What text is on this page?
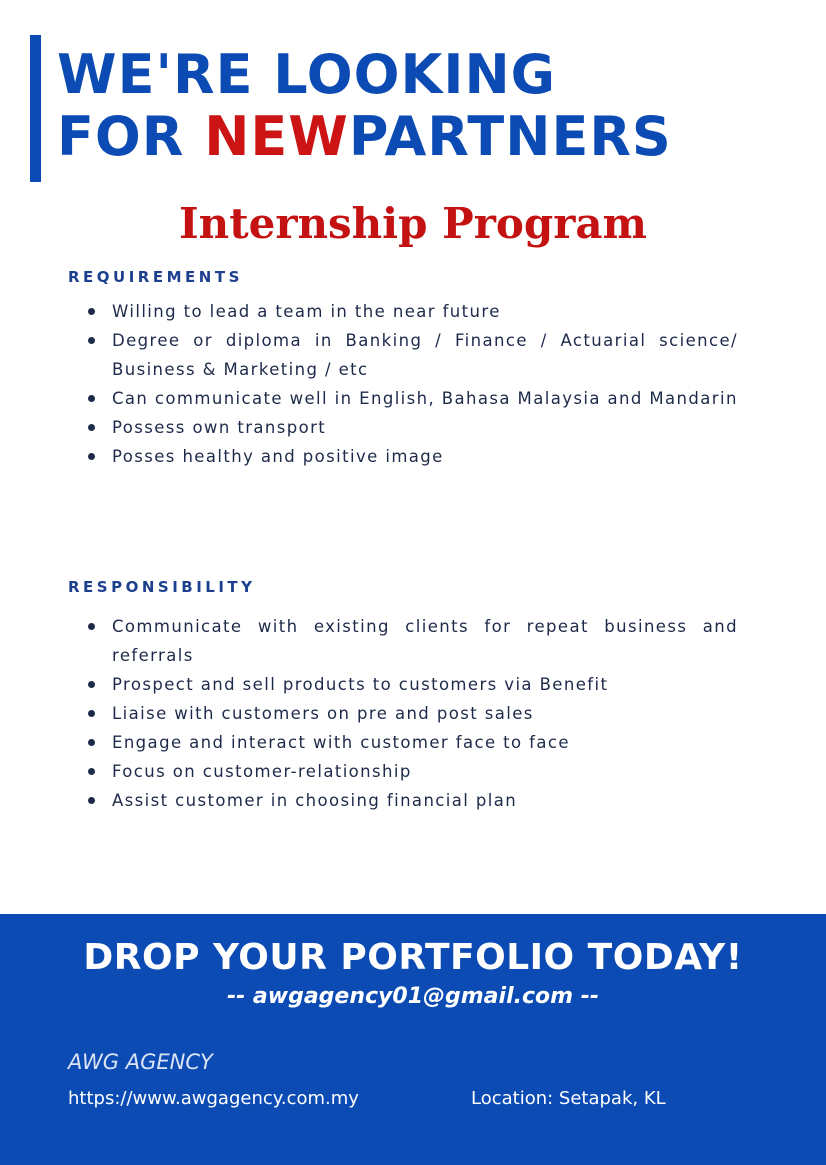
WE'RE LOOKING
FOR NEWPARTNERS
Internship Program
REQUIREMENTS
Willing to lead a team in the near future
Degree or diploma in Banking / Finance / Actuarial science/ Business & Marketing / etc
Can communicate well in English, Bahasa Malaysia and Mandarin
Possess own transport
Posses healthy and positive image
RESPONSIBILITY
Communicate with existing clients for repeat business and referrals
Prospect and sell products to customers via Benefit
Liaise with customers on pre and post sales
Engage and interact with customer face to face
Focus on customer-relationship
Assist customer in choosing financial plan
DROP YOUR PORTFOLIO TODAY!
-- awgagency01@gmail.com --
AWG AGENCY
https://www.awgagency.com.my	Location: Setapak, KL
